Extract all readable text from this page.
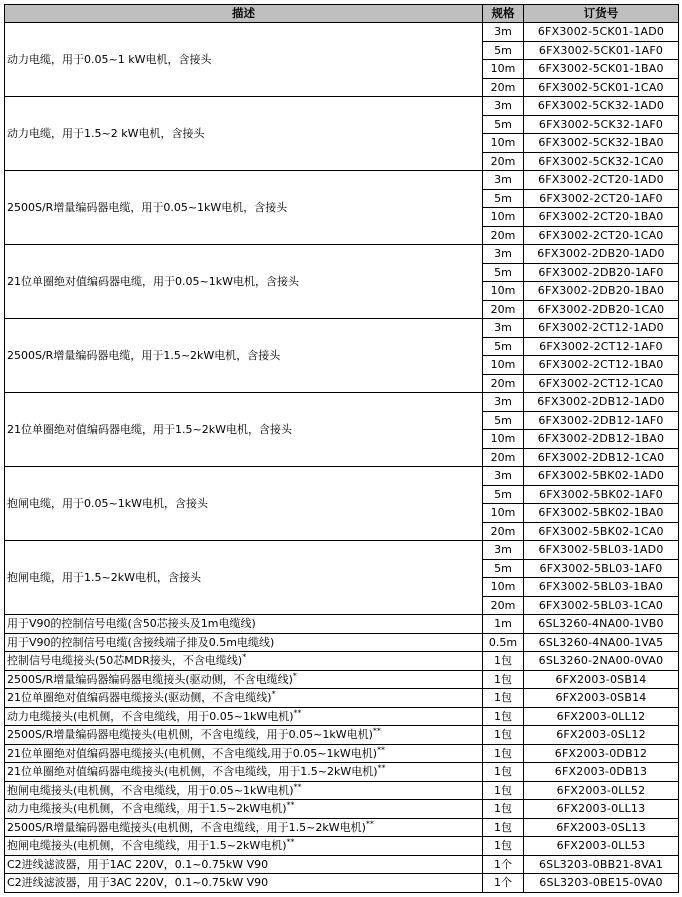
描述	规格	订货号
动力电缆，用于0.05~1 kW电机，含接头	3m	6FX3002-5CK01-1AD0
	5m	6FX3002-5CK01-1AF0
	10m	6FX3002-5CK01-1BA0
	20m	6FX3002-5CK01-1CA0
动力电缆，用于1.5~2 kW电机，含接头	3m	6FX3002-5CK32-1AD0
	5m	6FX3002-5CK32-1AF0
	10m	6FX3002-5CK32-1BA0
	20m	6FX3002-5CK32-1CA0
2500S/R增量编码器电缆，用于0.05~1kW电机，含接头	3m	6FX3002-2CT20-1AD0
	5m	6FX3002-2CT20-1AF0
	10m	6FX3002-2CT20-1BA0
	20m	6FX3002-2CT20-1CA0
21位单圈绝对值编码器电缆，用于0.05~1kW电机，含接头	3m	6FX3002-2DB20-1AD0
	5m	6FX3002-2DB20-1AF0
	10m	6FX3002-2DB20-1BA0
	20m	6FX3002-2DB20-1CA0
2500S/R增量编码器电缆，用于1.5~2kW电机，含接头	3m	6FX3002-2CT12-1AD0
	5m	6FX3002-2CT12-1AF0
	10m	6FX3002-2CT12-1BA0
	20m	6FX3002-2CT12-1CA0
21位单圈绝对值编码器电缆，用于1.5~2kW电机，含接头	3m	6FX3002-2DB12-1AD0
	5m	6FX3002-2DB12-1AF0
	10m	6FX3002-2DB12-1BA0
	20m	6FX3002-2DB12-1CA0
抱闸电缆，用于0.05~1kW电机，含接头	3m	6FX3002-5BK02-1AD0
	5m	6FX3002-5BK02-1AF0
	10m	6FX3002-5BK02-1BA0
	20m	6FX3002-5BK02-1CA0
抱闸电缆，用于1.5~2kW电机，含接头	3m	6FX3002-5BL03-1AD0
	5m	6FX3002-5BL03-1AF0
	10m	6FX3002-5BL03-1BA0
	20m	6FX3002-5BL03-1CA0
用于V90的控制信号电缆(含50芯接头及1m电缆线)	1m	6SL3260-4NA00-1VB0
用于V90的控制信号电缆(含接线端子排及0.5m电缆线)	0.5m	6SL3260-4NA00-1VA5
控制信号电缆接头(50芯MDR接头，不含电缆线)*	1包	6SL3260-2NA00-0VA0
2500S/R增量编码器编码器电缆接头(驱动侧，不含电缆线)*	1包	6FX2003-0SB14
21位单圈绝对值编码器电缆接头(驱动侧，不含电缆线)*	1包	6FX2003-0SB14
动力电缆接头(电机侧，不含电缆线，用于0.05~1kW电机)**	1包	6FX2003-0LL12
2500S/R增量编码器电缆接头(电机侧，不含电缆线，用于0.05~1kW电机)**	1包	6FX2003-0SL12
21位单圈绝对值编码器电缆接头(电机侧，不含电缆线,用于0.05~1kW电机)**	1包	6FX2003-0DB12
21位单圈绝对值编码器电缆接头(电机侧，不含电缆线，用于1.5~2kW电机)**	1包	6FX2003-0DB13
抱闸电缆接头(电机侧，不含电缆线，用于0.05~1kW电机)**	1包	6FX2003-0LL52
动力电缆接头(电机侧，不含电缆线，用于1.5~2kW电机)**	1包	6FX2003-0LL13
2500S/R增量编码器电缆接头(电机侧，不含电缆线，用于1.5~2kW电机)**	1包	6FX2003-0SL13
抱闸电缆接头(电机侧，不含电缆线，用于1.5~2kW电机)**	1包	6FX2003-0LL53
C2进线滤波器，用于1AC 220V，0.1~0.75kW V90	1个	6SL3203-0BB21-8VA1
C2进线滤波器，用于3AC 220V，0.1~0.75kW V90	1个	6SL3203-0BE15-0VA0
